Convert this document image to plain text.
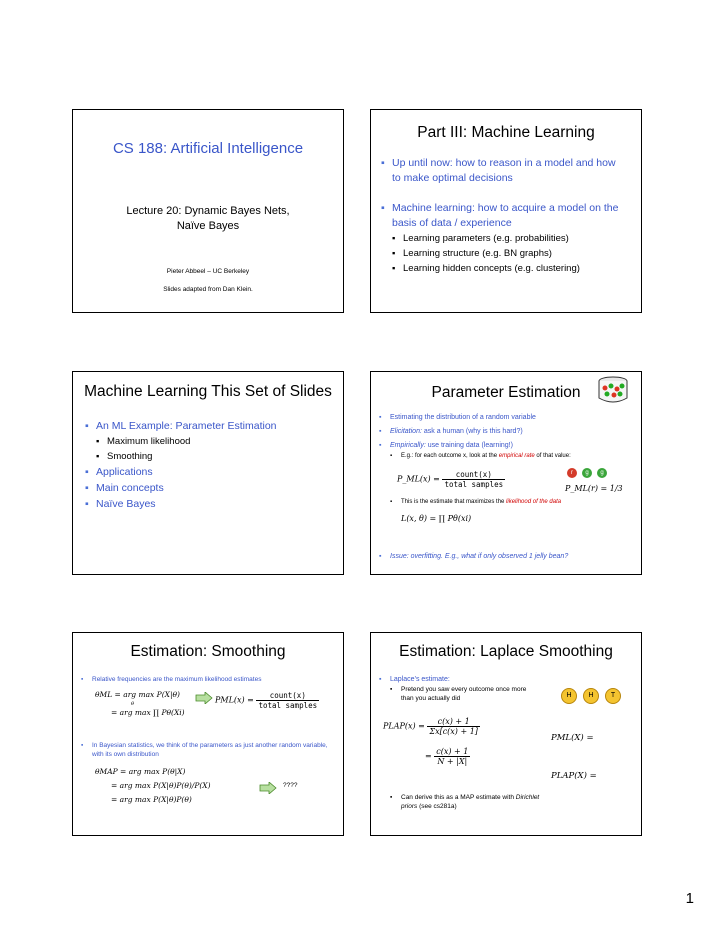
CS 188: Artificial Intelligence
Lecture 20: Dynamic Bayes Nets,
Naïve Bayes
Pieter Abbeel – UC Berkeley
Slides adapted from Dan Klein.
Part III: Machine Learning
▪ Up until now: how to reason in a model and how to make optimal decisions
▪ Machine learning: how to acquire a model on the basis of data / experience
▪ Learning parameters (e.g. probabilities)
▪ Learning structure (e.g. BN graphs)
▪ Learning hidden concepts (e.g. clustering)
Machine Learning This Set of Slides
▪ An ML Example: Parameter Estimation
▪ Maximum likelihood
▪ Smoothing
▪ Applications
▪ Main concepts
▪ Naïve Bayes
Parameter Estimation
▪ Estimating the distribution of a random variable
▪ Elicitation: ask a human (why is this hard?)
▪ Empirically: use training data (learning!)
▪ E.g.: for each outcome x, look at the empirical rate of that value:
P_ML(x) = $\frac{\text{count(x)}}{\text{total samples}}$	r	g	g
P_ML(r) = 1/3
▪ This is the estimate that maximizes the likelihood of the data
L(x, θ) = ∏ Pθ(xi)
▪ Issue: overfitting. E.g., what if only observed 1 jelly bean?
Estimation: Smoothing
▪ Relative frequencies are the maximum likelihood estimates
θML = arg max P(X|θ)
θ
= arg max ∏ Pθ(Xi)
$PML(x) = \frac{\text{count(x)}}{\text{total samples}}$
▪ In Bayesian statistics, we think of the parameters as just another random variable, with its own distribution
θMAP = arg max P(θ|X)
= arg max P(X|θ)P(θ)/P(X)
= arg max P(X|θ)P(θ)
????
Estimation: Laplace Smoothing
▪ Laplace’s estimate:
▪ Pretend you saw every outcome once more than you actually did	H	H	T
PLAP(x) = $\frac{c(x) + 1}{\Sigma x[c(x) + 1]}$
= $\frac{c(x) + 1}{N + |X|}$
PML(X) =
PLAP(X) =
▪ Can derive this as a MAP estimate with Dirichlet priors (see cs281a)
1
